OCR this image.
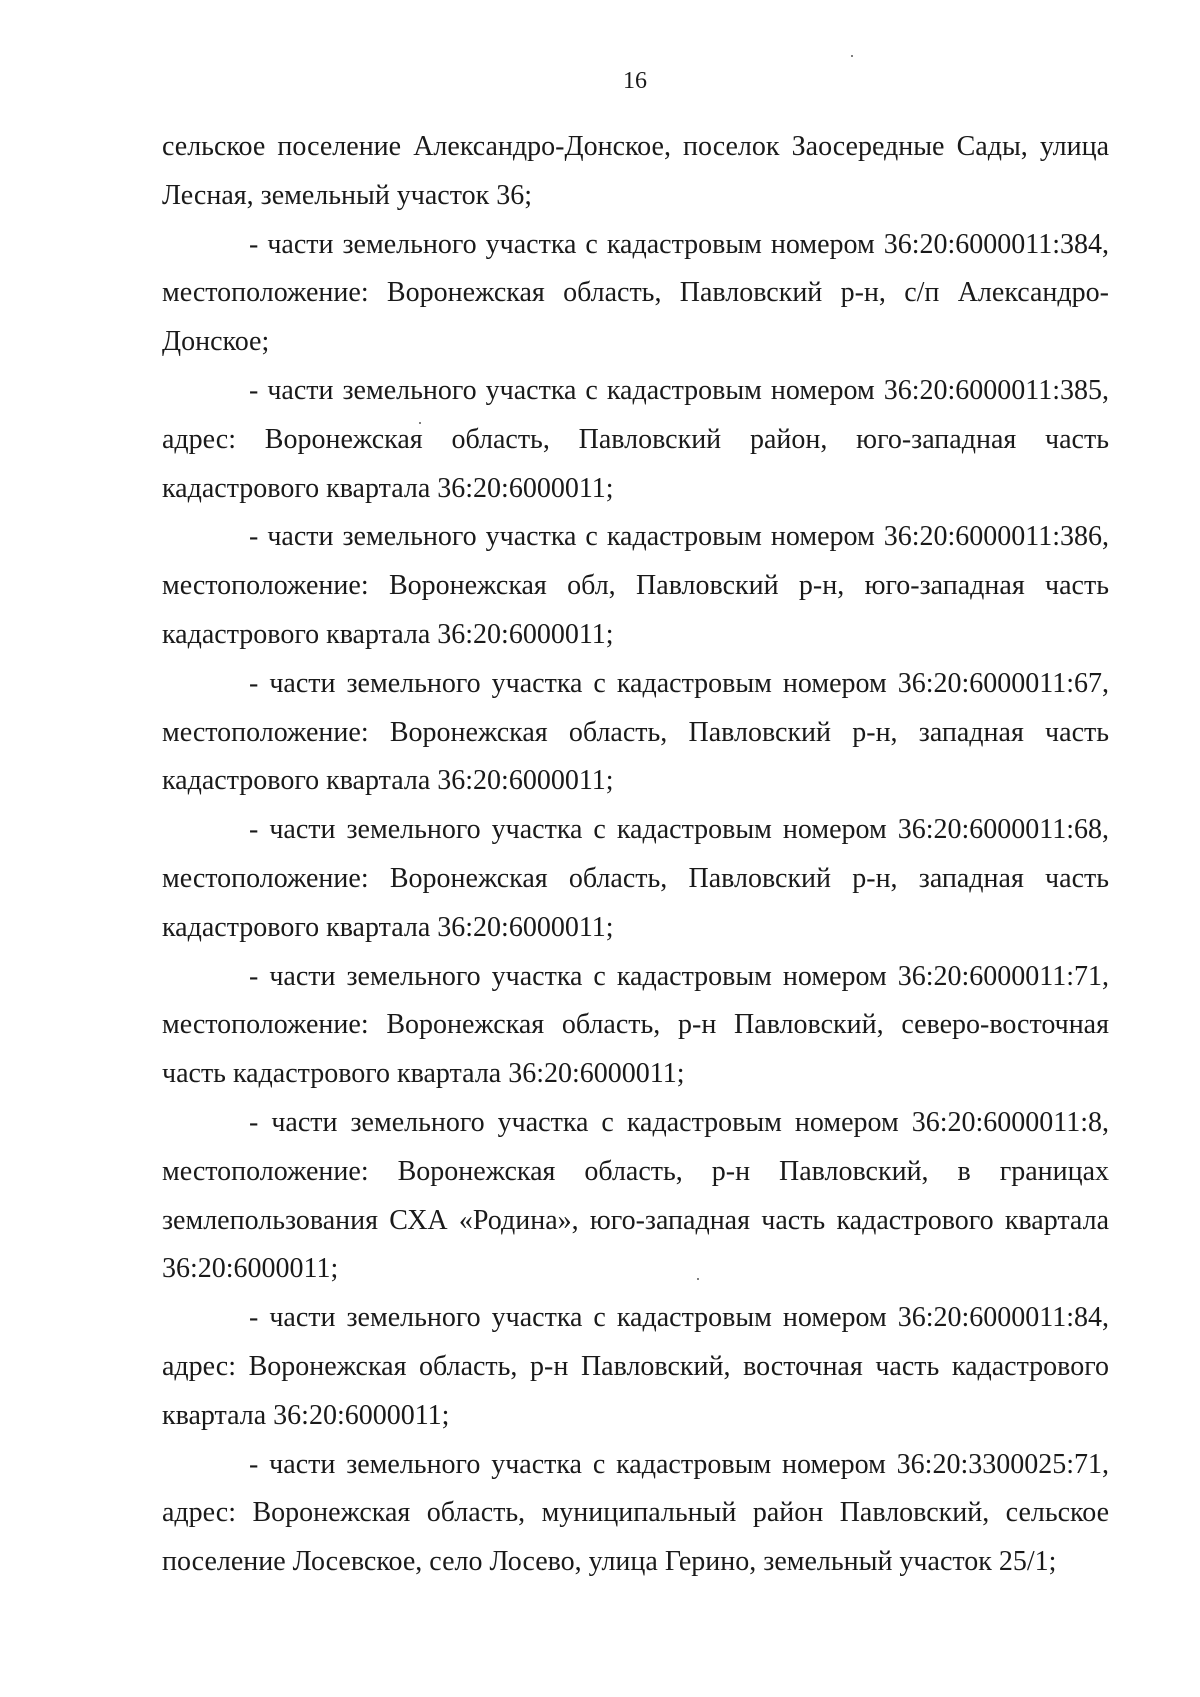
16

сельское поселение Александро-Донское, поселок Заосередные Сады, улица Лесная, земельный участок 36;

- части земельного участка с кадастровым номером 36:20:6000011:384, местоположение: Воронежская область, Павловский р-н, с/п Александро-Донское;

- части земельного участка с кадастровым номером 36:20:6000011:385, адрес: Воронежская область, Павловский район, юго-западная часть кадастрового квартала 36:20:6000011;

- части земельного участка с кадастровым номером 36:20:6000011:386, местоположение: Воронежская обл, Павловский р-н, юго-западная часть кадастрового квартала 36:20:6000011;

- части земельного участка с кадастровым номером 36:20:6000011:67, местоположение: Воронежская область, Павловский р-н, западная часть кадастрового квартала 36:20:6000011;

- части земельного участка с кадастровым номером 36:20:6000011:68, местоположение: Воронежская область, Павловский р-н, западная часть кадастрового квартала 36:20:6000011;

- части земельного участка с кадастровым номером 36:20:6000011:71, местоположение: Воронежская область, р-н Павловский, северо-восточная часть кадастрового квартала 36:20:6000011;

- части земельного участка с кадастровым номером 36:20:6000011:8, местоположение: Воронежская область, р-н Павловский, в границах землепользования СХА «Родина», юго-западная часть кадастрового квартала 36:20:6000011;

- части земельного участка с кадастровым номером 36:20:6000011:84, адрес: Воронежская область, р-н Павловский, восточная часть кадастрового квартала 36:20:6000011;

- части земельного участка с кадастровым номером 36:20:3300025:71, адрес: Воронежская область, муниципальный район Павловский, сельское поселение Лосевское, село Лосево, улица Герино, земельный участок 25/1;
